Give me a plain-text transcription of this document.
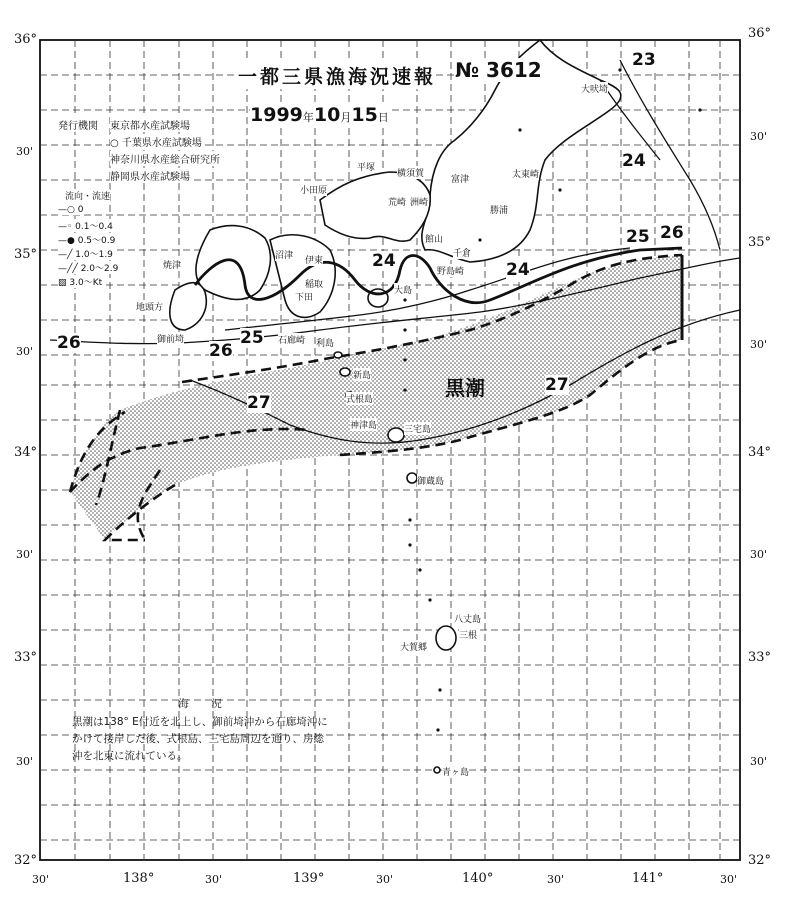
36°
30'
35°
30'
34°
30'
33°
30'
32°
36°
30'
35°
30'
34°
30'
33°
30'
32°
30'	138°	30'	139°	30'	140°	30'	141°	30'
一都三県漁海況速報 № 3612
1999年10月15日
発行機関 東京都水産試験場
○ 千葉県水産試験場
神奈川県水産総合研究所
静岡県水産試験場
流向・流速
—○ 0
—◦ 0.1～0.4
—● 0.5～0.9
—╱ 1.0～1.9
—╱╱ 2.0～2.9
▨ 3.0～Kt
黒潮
23
24
24	24
25 26
25
26
26
27
27
大吠埼
平塚
横須賀
小田原
富津	太東崎
荒崎 洲崎
勝浦
沼津 伊東
館山
千倉
焼津
稲取
下田
野島崎
石廊崎
御前埼
大島
利島
新島
式根島
神津島	三宅島
御蔵島
八丈島
大賀郷
三根
青ヶ島
地頭方
海　況
黒潮は138° E付近を北上し、御前埼沖から石廊埼沖にかけて接岸した後、式根島、三宅島周辺を通り、房総沖を北東に流れている。
